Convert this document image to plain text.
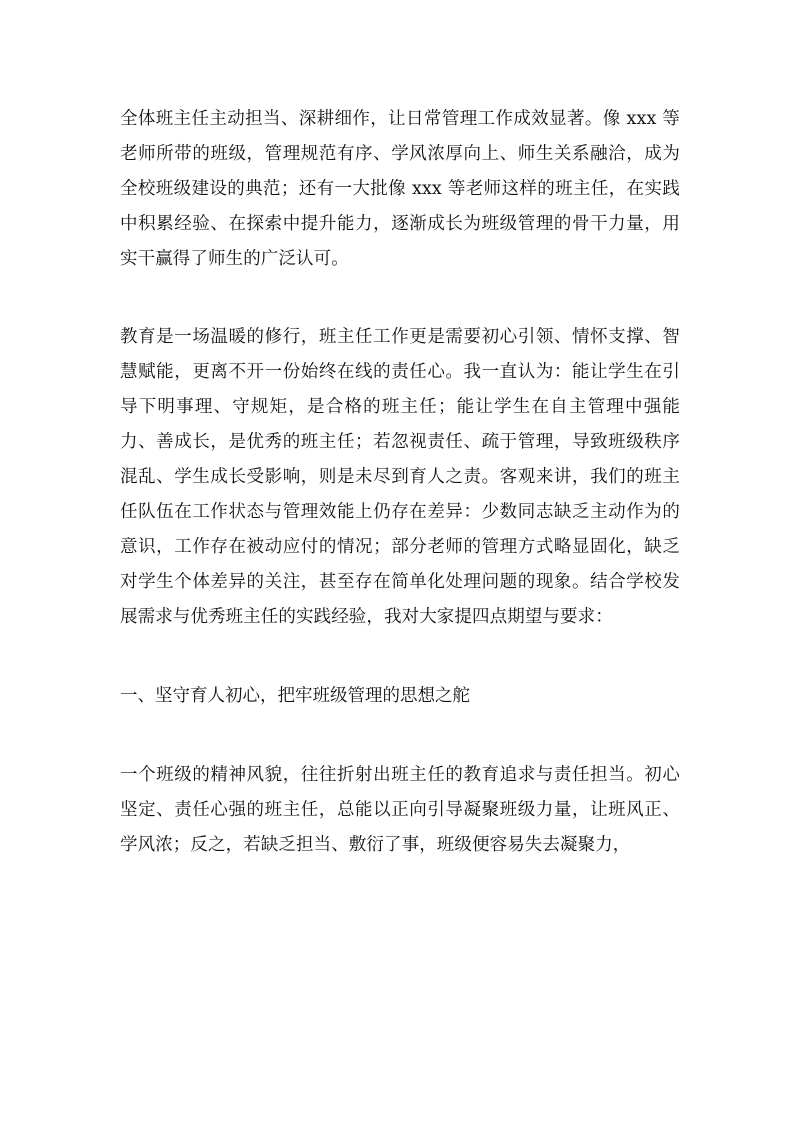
全体班主任主动担当、深耕细作，让日常管理工作成效显著。像 xxx 等老师所带的班级，管理规范有序、学风浓厚向上、师生关系融洽，成为全校班级建设的典范；还有一大批像 xxx 等老师这样的班主任，在实践中积累经验、在探索中提升能力，逐渐成长为班级管理的骨干力量，用实干赢得了师生的广泛认可。

教育是一场温暖的修行，班主任工作更是需要初心引领、情怀支撑、智慧赋能，更离不开一份始终在线的责任心。我一直认为：能让学生在引导下明事理、守规矩，是合格的班主任；能让学生在自主管理中强能力、善成长，是优秀的班主任；若忽视责任、疏于管理，导致班级秩序混乱、学生成长受影响，则是未尽到育人之责。客观来讲，我们的班主任队伍在工作状态与管理效能上仍存在差异：少数同志缺乏主动作为的意识，工作存在被动应付的情况；部分老师的管理方式略显固化，缺乏对学生个体差异的关注，甚至存在简单化处理问题的现象。结合学校发展需求与优秀班主任的实践经验，我对大家提四点期望与要求：

一、坚守育人初心，把牢班级管理的思想之舵

一个班级的精神风貌，往往折射出班主任的教育追求与责任担当。初心坚定、责任心强的班主任，总能以正向引导凝聚班级力量，让班风正、学风浓；反之，若缺乏担当、敷衍了事，班级便容易失去凝聚力，
